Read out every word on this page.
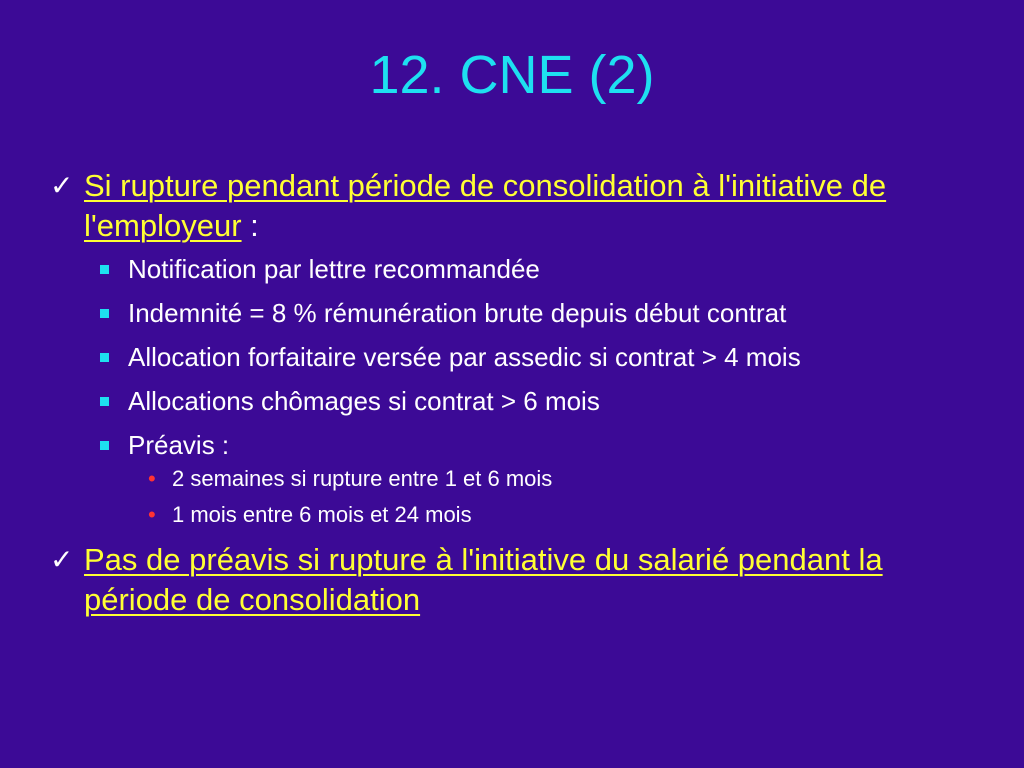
12. CNE (2)
✓ Si rupture pendant période de consolidation à l'initiative de l'employeur :
Notification par lettre recommandée
Indemnité = 8 % rémunération brute depuis début contrat
Allocation forfaitaire versée par assedic si contrat > 4 mois
Allocations chômages si contrat > 6 mois
Préavis :
• 2 semaines si rupture entre 1 et 6 mois
• 1 mois entre 6 mois et 24 mois
✓ Pas de préavis si rupture à l'initiative du salarié pendant la période de consolidation
